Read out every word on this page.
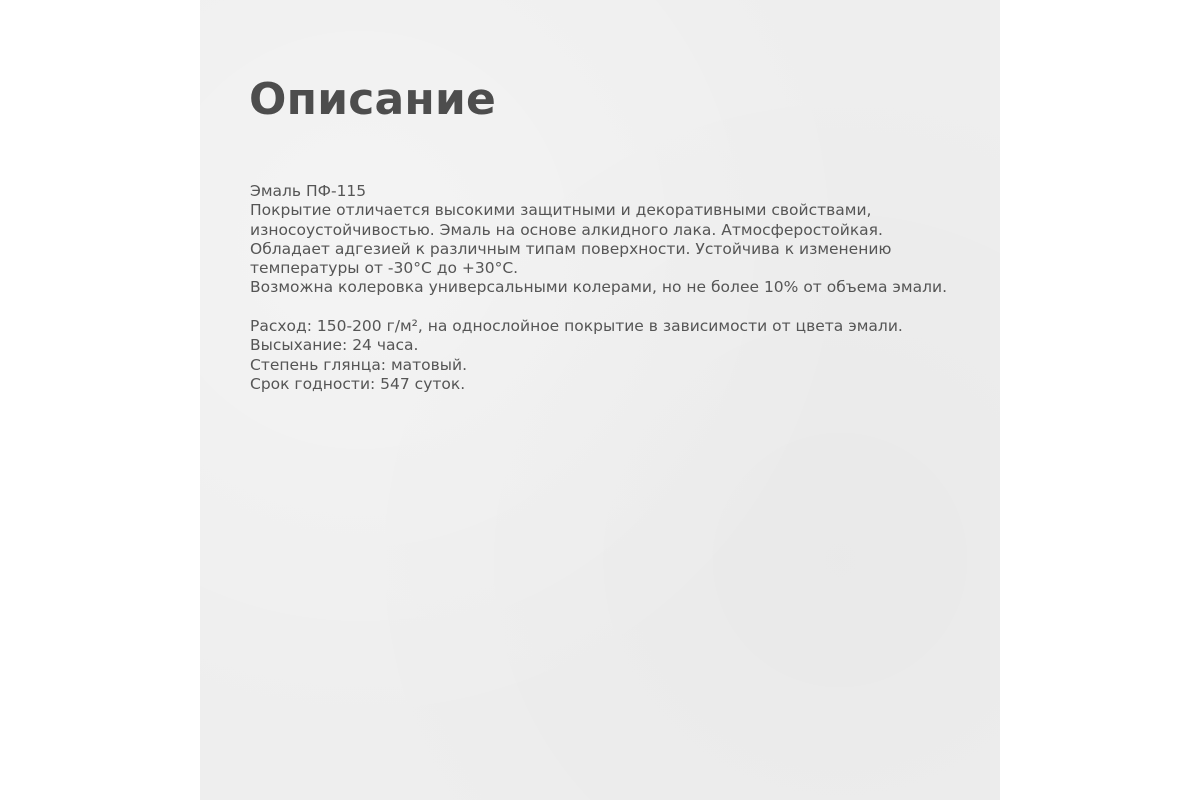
Описание
Эмаль ПФ-115
Покрытие отличается высокими защитными и декоративными свойствами,
износоустойчивостью. Эмаль на основе алкидного лака. Атмосферостойкая.
Обладает адгезией к различным типам поверхности. Устойчива к изменению
температуры от -30°С до +30°С.
Возможна колеровка универсальными колерами, но не более 10% от объема эмали.
Расход: 150-200 г/м², на однослойное покрытие в зависимости от цвета эмали.
Высыхание: 24 часа.
Степень глянца: матовый.
Срок годности: 547 суток.
